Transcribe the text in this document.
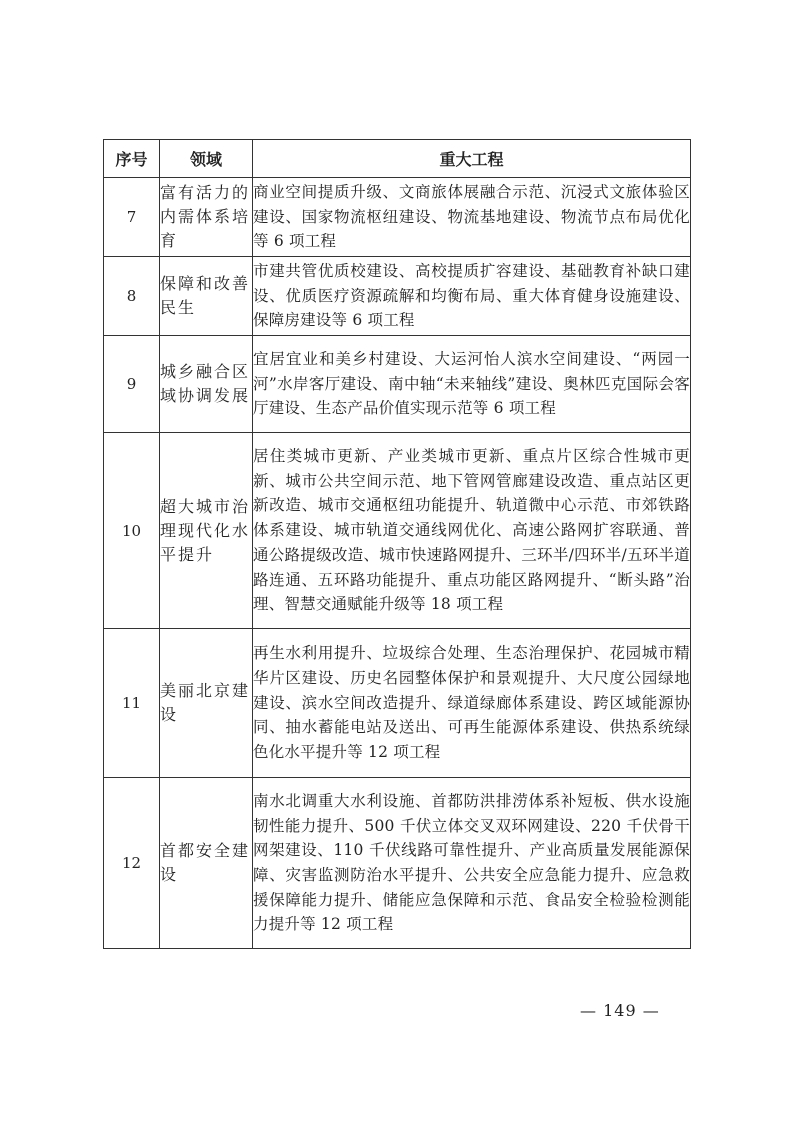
序号	领域	重大工程
7	富有活力的内需体系培育	商业空间提质升级、文商旅体展融合示范、沉浸式文旅体验区建设、国家物流枢纽建设、物流基地建设、物流节点布局优化等 6 项工程
8	保障和改善民生	市建共管优质校建设、高校提质扩容建设、基础教育补缺口建设、优质医疗资源疏解和均衡布局、重大体育健身设施建设、保障房建设等 6 项工程
9	城乡融合区域协调发展	宜居宜业和美乡村建设、大运河怡人滨水空间建设、“两园一河”水岸客厅建设、南中轴“未来轴线”建设、奥林匹克国际会客厅建设、生态产品价值实现示范等 6 项工程
10	超大城市治理现代化水平提升	居住类城市更新、产业类城市更新、重点片区综合性城市更新、城市公共空间示范、地下管网管廊建设改造、重点站区更新改造、城市交通枢纽功能提升、轨道微中心示范、市郊铁路体系建设、城市轨道交通线网优化、高速公路网扩容联通、普通公路提级改造、城市快速路网提升、三环半/四环半/五环半道路连通、五环路功能提升、重点功能区路网提升、“断头路”治理、智慧交通赋能升级等 18 项工程
11	美丽北京建设	再生水利用提升、垃圾综合处理、生态治理保护、花园城市精华片区建设、历史名园整体保护和景观提升、大尺度公园绿地建设、滨水空间改造提升、绿道绿廊体系建设、跨区域能源协同、抽水蓄能电站及送出、可再生能源体系建设、供热系统绿色化水平提升等 12 项工程
12	首都安全建设	南水北调重大水利设施、首都防洪排涝体系补短板、供水设施韧性能力提升、500 千伏立体交叉双环网建设、220 千伏骨干网架建设、110 千伏线路可靠性提升、产业高质量发展能源保障、灾害监测防治水平提升、公共安全应急能力提升、应急救援保障能力提升、储能应急保障和示范、食品安全检验检测能力提升等 12 项工程
— 149 —
